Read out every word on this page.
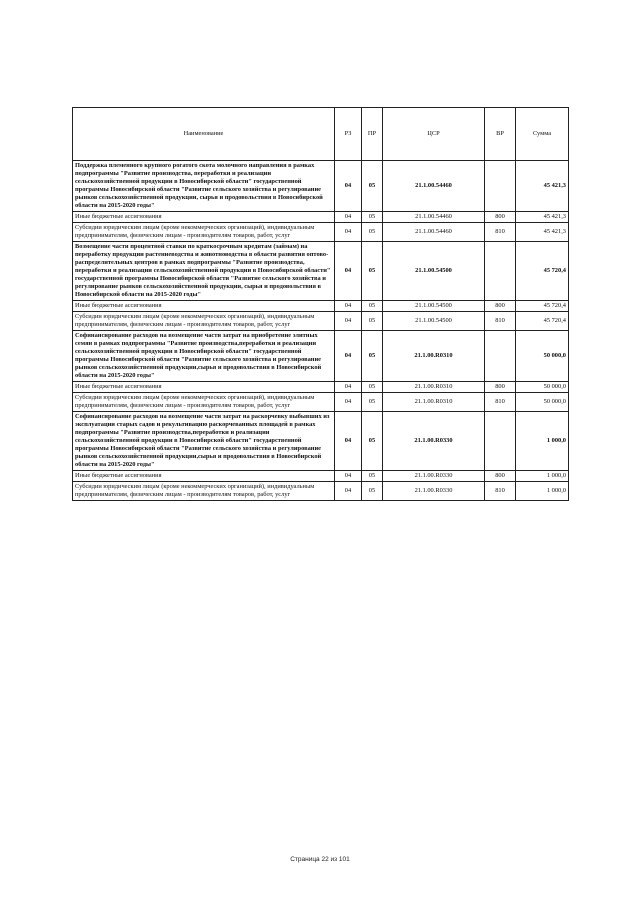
Наименование	РЗ	ПР	ЦСР	ВР	Сумма
Поддержка племенного крупного рогатого скота молочного направления в рамках подпрограммы "Развитие производства, переработки и реализации сельскохозяйственной продукции в Новосибирской области" государственной программы Новосибирской области "Развитие сельского хозяйства и регулирование рынков сельскохозяйственной продукции, сырья и продовольствия в Новосибирской области на 2015-2020 годы"	04	05	21.1.00.54460		45 421,3
Иные бюджетные ассигнования	04	05	21.1.00.54460	800	45 421,3
Субсидии юридическим лицам (кроме некоммерческих организаций), индивидуальным предпринимателям, физическим лицам - производителям товаров, работ, услуг	04	05	21.1.00.54460	810	45 421,3
Возмещение части процентной ставки по краткосрочным кредитам (займам) на переработку продукции растениеводства и животноводства в области развития оптово-распределительных центров в рамках подпрограммы "Развитие производства, переработки и реализации сельскохозяйственной продукции в Новосибирской области" государственной программы Новосибирской области "Развитие сельского хозяйства и регулирование рынков сельскохозяйственной продукции, сырья и продовольствия в Новосибирской области на 2015-2020 годы"	04	05	21.1.00.54500		45 720,4
Иные бюджетные ассигнования	04	05	21.1.00.54500	800	45 720,4
Субсидии юридическим лицам (кроме некоммерческих организаций), индивидуальным предпринимателям, физическим лицам - производителям товаров, работ, услуг	04	05	21.1.00.54500	810	45 720,4
Софинансирование расходов на возмещение части затрат на приобретение элитных семян в рамках подпрограммы "Развитие производства,переработки и реализации сельскохозяйственной продукции в Новосибирской области" государственной программы Новосибирской области "Развитие сельского хозяйства и регулирование рынков сельскохозяйственной продукции,сырья и продовольствия в Новосибирской области на 2015-2020 годы"	04	05	21.1.00.R0310		50 000,0
Иные бюджетные ассигнования	04	05	21.1.00.R0310	800	50 000,0
Субсидии юридическим лицам (кроме некоммерческих организаций), индивидуальным предпринимателям, физическим лицам - производителям товаров, работ, услуг	04	05	21.1.00.R0310	810	50 000,0
Софинансирование расходов на возмещение части затрат на раскорчевку выбывших из эксплуатации старых садов и рекультивацию раскорчеванных площадей в рамках подпрограммы "Развитие производства,переработки и реализации сельскохозяйственной продукции в Новосибирской области" государственной программы Новосибирской области "Развитие сельского хозяйства и регулирование рынков сельскохозяйственной продукции,сырья и продовольствия в Новосибирской области на 2015-2020 годы"	04	05	21.1.00.R0330		1 000,0
Иные бюджетные ассигнования	04	05	21.1.00.R0330	800	1 000,0
Субсидии юридическим лицам (кроме некоммерческих организаций), индивидуальным предпринимателям, физическим лицам - производителям товаров, работ, услуг	04	05	21.1.00.R0330	810	1 000,0
Страница 22 из 101
